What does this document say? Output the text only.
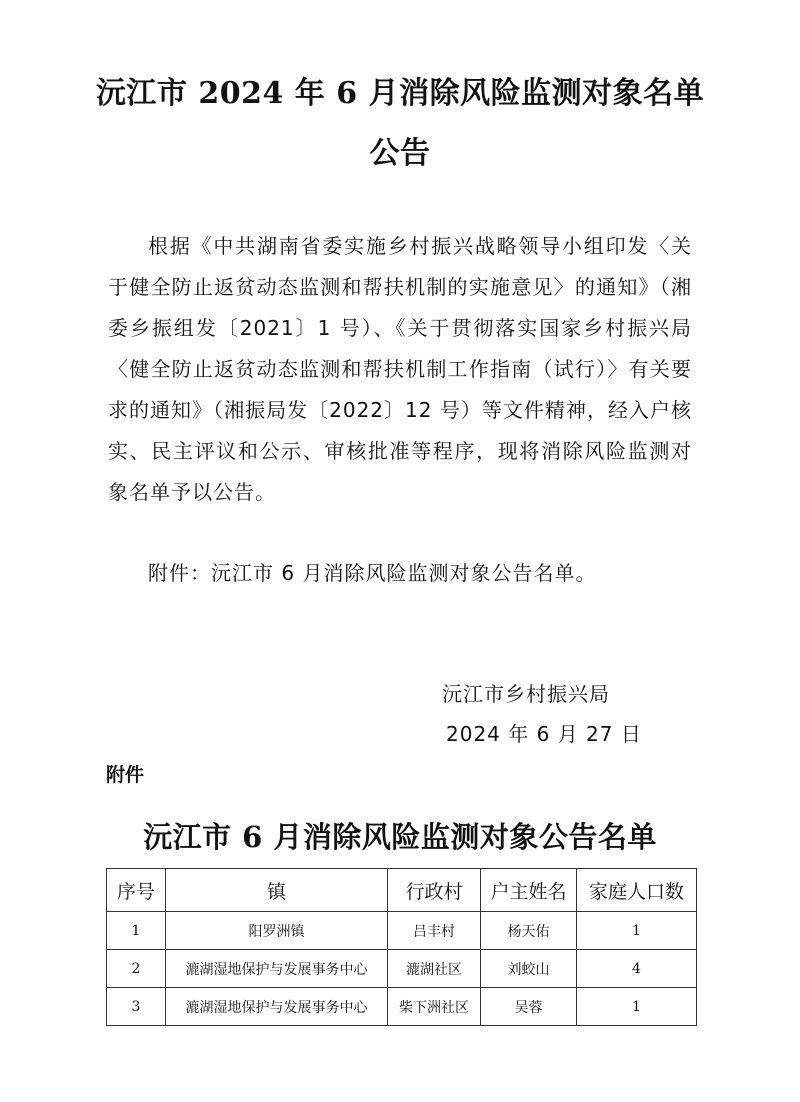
沅江市 2024 年 6 月消除风险监测对象名单
公告
根据《中共湖南省委实施乡村振兴战略领导小组印发〈关于健全防止返贫动态监测和帮扶机制的实施意见〉的通知》（湘委乡振组发〔2021〕1 号）、《关于贯彻落实国家乡村振兴局〈健全防止返贫动态监测和帮扶机制工作指南（试行）〉有关要求的通知》（湘振局发〔2022〕12 号）等文件精神，经入户核实、民主评议和公示、审核批准等程序，现将消除风险监测对象名单予以公告。
附件：沅江市 6 月消除风险监测对象公告名单。
沅江市乡村振兴局
2024 年 6 月 27 日
附件
沅江市 6 月消除风险监测对象公告名单
序号	镇	行政村	户主姓名	家庭人口数
1	阳罗洲镇	吕丰村	杨天佑	1
2	漉湖湿地保护与发展事务中心	漉湖社区	刘蛟山	4
3	漉湖湿地保护与发展事务中心	柴下洲社区	吴蓉	1
